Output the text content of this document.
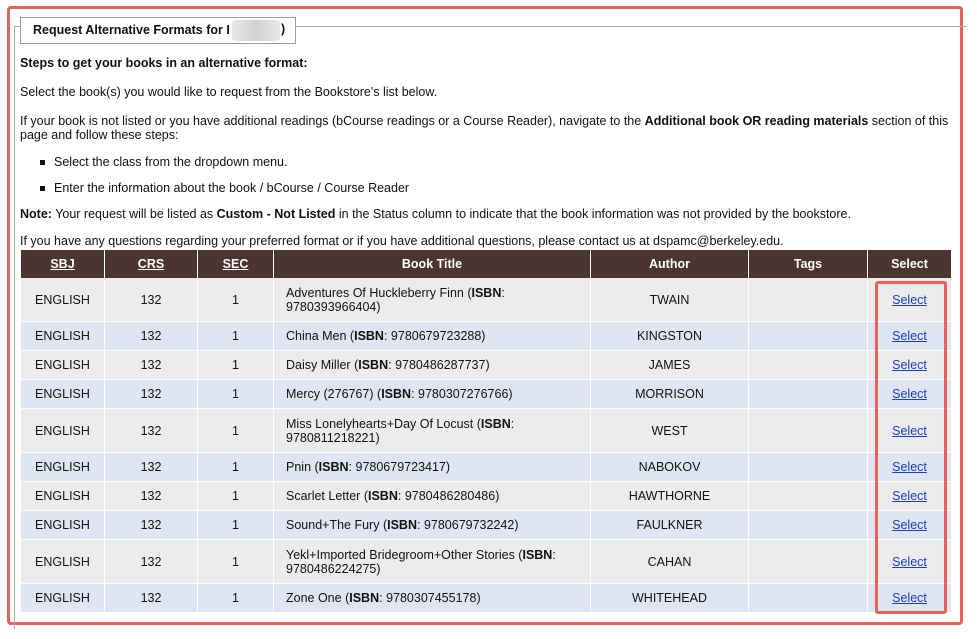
Request Alternative Formats for I	)

Steps to get your books in an alternative format:

Select the book(s) you would like to request from the Bookstore's list below.

If your book is not listed or you have additional readings (bCourse readings or a Course Reader), navigate to the Additional book OR reading materials section of this page and follow these steps:

Select the class from the dropdown menu.
Enter the information about the book / bCourse / Course Reader

Note: Your request will be listed as Custom - Not Listed in the Status column to indicate that the book information was not provided by the bookstore.

If you have any questions regarding your preferred format or if you have additional questions, please contact us at dspamc@berkeley.edu.

SBJ	CRS	SEC	Book Title	Author	Tags	Select
ENGLISH	132	1	Adventures Of Huckleberry Finn (ISBN: 9780393966404)	TWAIN		Select
ENGLISH	132	1	China Men (ISBN: 9780679723288)	KINGSTON		Select
ENGLISH	132	1	Daisy Miller (ISBN: 9780486287737)	JAMES		Select
ENGLISH	132	1	Mercy (276767) (ISBN: 9780307276766)	MORRISON		Select
ENGLISH	132	1	Miss Lonelyhearts+Day Of Locust (ISBN: 9780811218221)	WEST		Select
ENGLISH	132	1	Pnin (ISBN: 9780679723417)	NABOKOV		Select
ENGLISH	132	1	Scarlet Letter (ISBN: 9780486280486)	HAWTHORNE		Select
ENGLISH	132	1	Sound+The Fury (ISBN: 9780679732242)	FAULKNER		Select
ENGLISH	132	1	Yekl+Imported Bridegroom+Other Stories (ISBN: 9780486224275)	CAHAN		Select
ENGLISH	132	1	Zone One (ISBN: 9780307455178)	WHITEHEAD		Select
